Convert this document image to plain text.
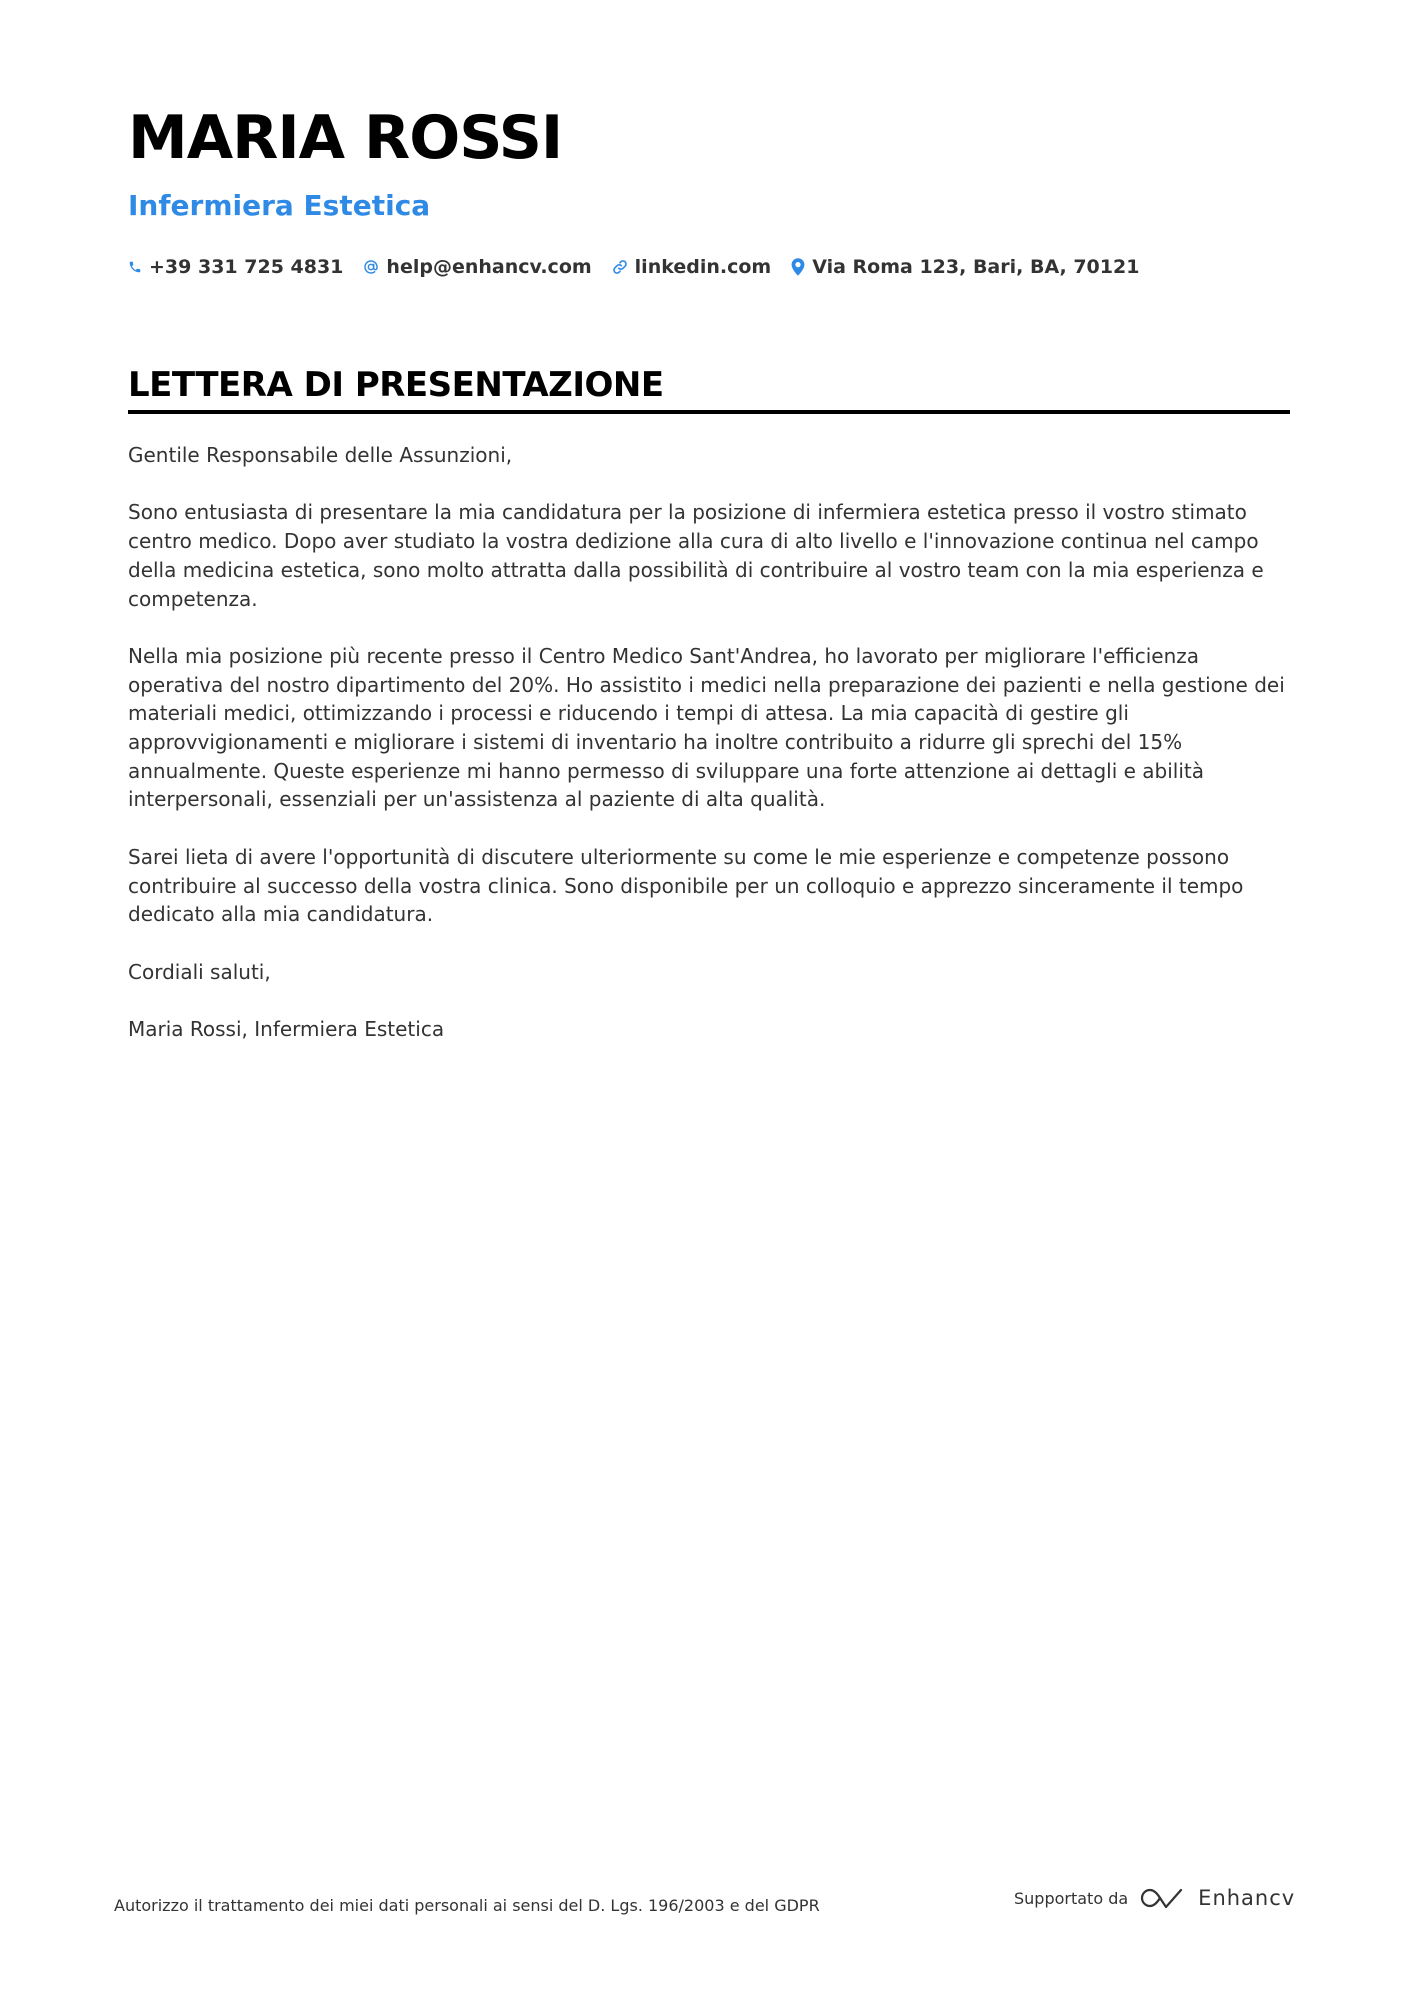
MARIA ROSSI
Infermiera Estetica
+39 331 725 4831 help@enhancv.com linkedin.com Via Roma 123, Bari, BA, 70121
LETTERA DI PRESENTAZIONE

Gentile Responsabile delle Assunzioni,

Sono entusiasta di presentare la mia candidatura per la posizione di infermiera estetica presso il vostro stimato centro medico. Dopo aver studiato la vostra dedizione alla cura di alto livello e l'innovazione continua nel campo della medicina estetica, sono molto attratta dalla possibilità di contribuire al vostro team con la mia esperienza e competenza.

Nella mia posizione più recente presso il Centro Medico Sant'Andrea, ho lavorato per migliorare l'efficienza operativa del nostro dipartimento del 20%. Ho assistito i medici nella preparazione dei pazienti e nella gestione dei materiali medici, ottimizzando i processi e riducendo i tempi di attesa. La mia capacità di gestire gli approvvigionamenti e migliorare i sistemi di inventario ha inoltre contribuito a ridurre gli sprechi del 15% annualmente. Queste esperienze mi hanno permesso di sviluppare una forte attenzione ai dettagli e abilità interpersonali, essenziali per un'assistenza al paziente di alta qualità.

Sarei lieta di avere l'opportunità di discutere ulteriormente su come le mie esperienze e competenze possono contribuire al successo della vostra clinica. Sono disponibile per un colloquio e apprezzo sinceramente il tempo dedicato alla mia candidatura.

Cordiali saluti,

Maria Rossi, Infermiera Estetica

Autorizzo il trattamento dei miei dati personali ai sensi del D. Lgs. 196/2003 e del GDPR	Supportato da	Enhancv
